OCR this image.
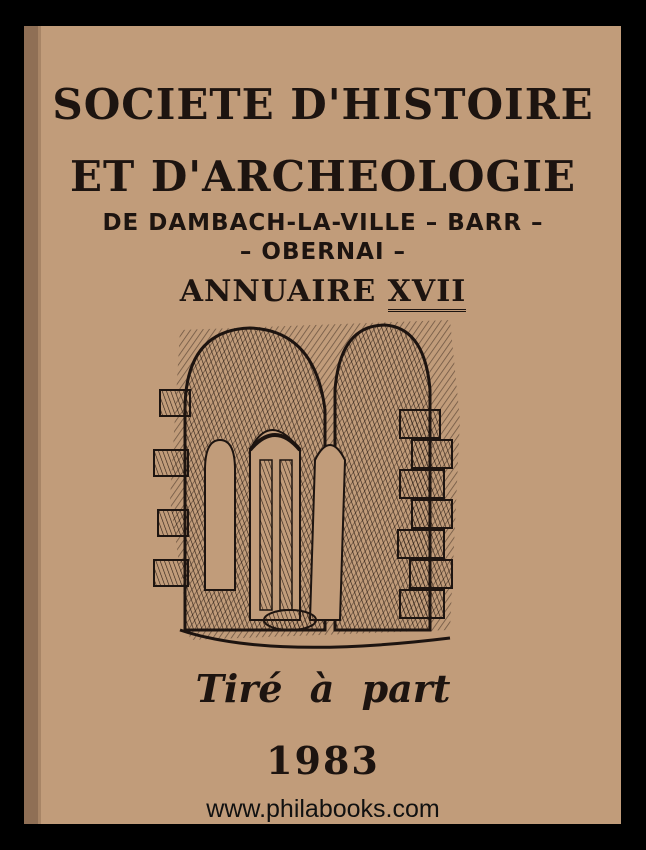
SOCIETE D'HISTOIRE
ET D'ARCHEOLOGIE
DE DAMBACH-LA-VILLE – BARR –
– OBERNAI –
ANNUAIRE XVII
Tiré à part
1983
www.philabooks.com
